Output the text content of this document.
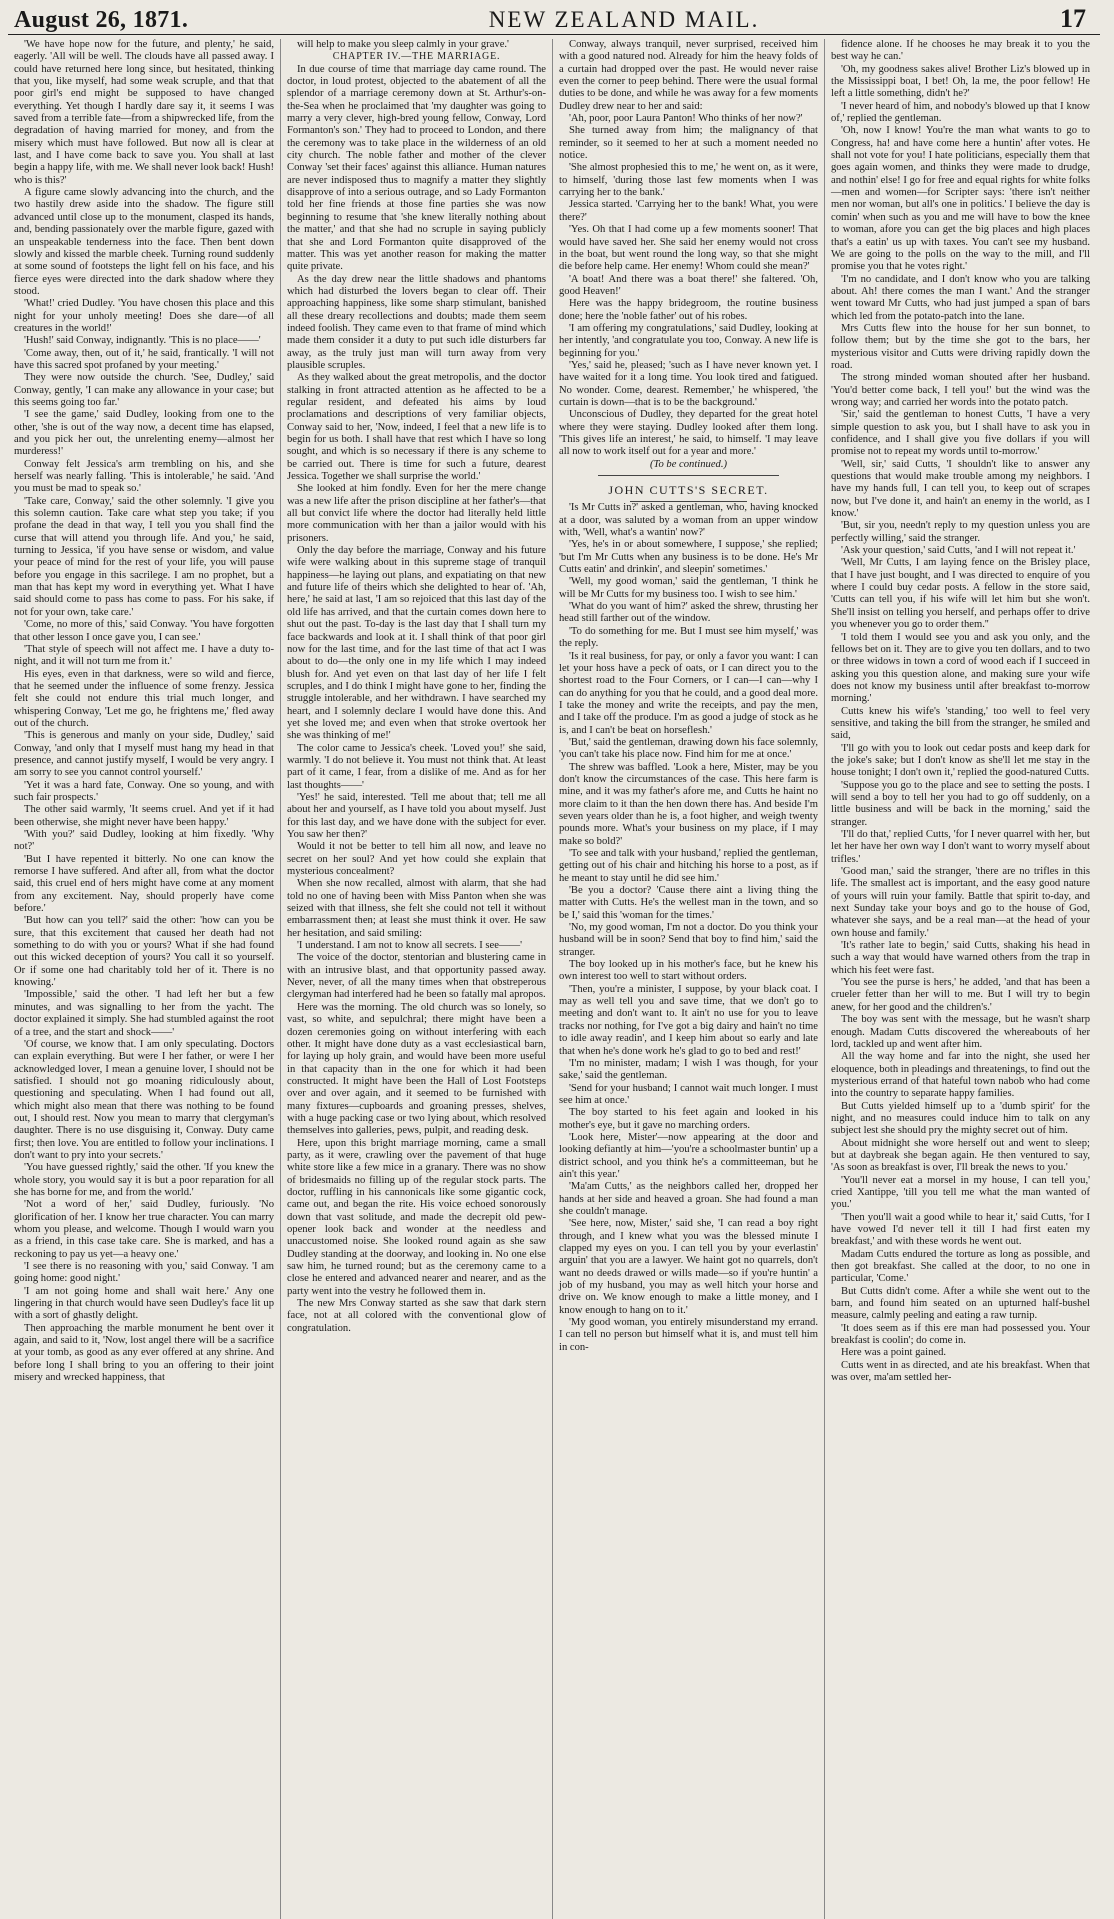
August 26, 1871.	NEW ZEALAND MAIL.	17

'We have hope now for the future, and plenty,' he said, eagerly. 'All will be well. The clouds have all passed away. I could have returned here long since, but hesitated, thinking that you, like myself, had some weak scruple, and that that poor girl's end might be supposed to have changed everything. Yet though I hardly dare say it, it seems I was saved from a terrible fate—from a shipwrecked life, from the degradation of having married for money, and from the misery which must have followed. But now all is clear at last, and I have come back to save you. You shall at last begin a happy life, with me. We shall never look back! Hush! who is this?'

A figure came slowly advancing into the church, and the two hastily drew aside into the shadow. The figure still advanced until close up to the monument, clasped its hands, and, bending passionately over the marble figure, gazed with an unspeakable tenderness into the face. Then bent down slowly and kissed the marble cheek. Turning round suddenly at some sound of footsteps the light fell on his face, and his fierce eyes were directed into the dark shadow where they stood.

'What!' cried Dudley. 'You have chosen this place and this night for your unholy meeting! Does she dare—of all creatures in the world!'

'Hush!' said Conway, indignantly. 'This is no place——'

'Come away, then, out of it,' he said, frantically. 'I will not have this sacred spot profaned by your meeting.'

They were now outside the church. 'See, Dudley,' said Conway, gently, 'I can make any allowance in your case; but this seems going too far.'

'I see the game,' said Dudley, looking from one to the other, 'she is out of the way now, a decent time has elapsed, and you pick her out, the unrelenting enemy—almost her murderess!'

Conway felt Jessica's arm trembling on his, and she herself was nearly falling. 'This is intolerable,' he said. 'And you must be mad to speak so.'

'Take care, Conway,' said the other solemnly. 'I give you this solemn caution. Take care what step you take; if you profane the dead in that way, I tell you you shall find the curse that will attend you through life. And you,' he said, turning to Jessica, 'if you have sense or wisdom, and value your peace of mind for the rest of your life, you will pause before you engage in this sacrilege. I am no prophet, but a man that has kept my word in everything yet. What I have said should come to pass has come to pass. For his sake, if not for your own, take care.'

'Come, no more of this,' said Conway. 'You have forgotten that other lesson I once gave you, I can see.'

'That style of speech will not affect me. I have a duty to-night, and it will not turn me from it.'

His eyes, even in that darkness, were so wild and fierce, that he seemed under the influence of some frenzy. Jessica felt she could not endure this trial much longer, and whispering Conway, 'Let me go, he frightens me,' fled away out of the church.

'This is generous and manly on your side, Dudley,' said Conway, 'and only that I myself must hang my head in that presence, and cannot justify myself, I would be very angry. I am sorry to see you cannot control yourself.'

'Yet it was a hard fate, Conway. One so young, and with such fair prospects.'

The other said warmly, 'It seems cruel. And yet if it had been otherwise, she might never have been happy.'

'With you?' said Dudley, looking at him fixedly. 'Why not?'

'But I have repented it bitterly. No one can know the remorse I have suffered. And after all, from what the doctor said, this cruel end of hers might have come at any moment from any excitement. Nay, should properly have come before.'

'But how can you tell?' said the other: 'how can you be sure, that this excitement that caused her death had not something to do with you or yours? What if she had found out this wicked deception of yours? You call it so yourself. Or if some one had charitably told her of it. There is no knowing.'

'Impossible,' said the other. 'I had left her but a few minutes, and was signalling to her from the yacht. The doctor explained it simply. She had stumbled against the root of a tree, and the start and shock——'

'Of course, we know that. I am only speculating. Doctors can explain everything. But were I her father, or were I her acknowledged lover, I mean a genuine lover, I should not be satisfied. I should not go moaning ridiculously about, questioning and speculating. When I had found out all, which might also mean that there was nothing to be found out, I should rest. Now you mean to marry that clergyman's daughter. There is no use disguising it, Conway. Duty came first; then love. You are entitled to follow your inclinations. I don't want to pry into your secrets.'

'You have guessed rightly,' said the other. 'If you knew the whole story, you would say it is but a poor reparation for all she has borne for me, and from the world.'

'Not a word of her,' said Dudley, furiously. 'No glorification of her. I know her true character. You can marry whom you please, and welcome. Though I would warn you as a friend, in this case take care. She is marked, and has a reckoning to pay us yet—a heavy one.'

'I see there is no reasoning with you,' said Conway. 'I am going home: good night.'

'I am not going home and shall wait here.' Any one lingering in that church would have seen Dudley's face lit up with a sort of ghastly delight.

Then approaching the marble monument he bent over it again, and said to it, 'Now, lost angel there will be a sacrifice at your tomb, as good as any ever offered at any shrine. And before long I shall bring to you an offering to their joint misery and wrecked happiness, that

will help to make you sleep calmly in your grave.'

CHAPTER IV.—THE MARRIAGE.

In due course of time that marriage day came round. The doctor, in loud protest, objected to the abatement of all the splendor of a marriage ceremony down at St. Arthur's-on-the-Sea when he proclaimed that 'my daughter was going to marry a very clever, high-bred young fellow, Conway, Lord Formanton's son.' They had to proceed to London, and there the ceremony was to take place in the wilderness of an old city church. The noble father and mother of the clever Conway 'set their faces' against this alliance. Human natures are never indisposed thus to magnify a matter they slightly disapprove of into a serious outrage, and so Lady Formanton told her fine friends at those fine parties she was now beginning to resume that 'she knew literally nothing about the matter,' and that she had no scruple in saying publicly that she and Lord Formanton quite disapproved of the matter. This was yet another reason for making the matter quite private.

As the day drew near the little shadows and phantoms which had disturbed the lovers began to clear off. Their approaching happiness, like some sharp stimulant, banished all these dreary recollections and doubts; made them seem indeed foolish. They came even to that frame of mind which made them consider it a duty to put such idle disturbers far away, as the truly just man will turn away from very plausible scruples.

As they walked about the great metropolis, and the doctor stalking in front attracted attention as he affected to be a regular resident, and defeated his aims by loud proclamations and descriptions of very familiar objects, Conway said to her, 'Now, indeed, I feel that a new life is to begin for us both. I shall have that rest which I have so long sought, and which is so necessary if there is any scheme to be carried out. There is time for such a future, dearest Jessica. Together we shall surprise the world.'

She looked at him fondly. Even for her the mere change was a new life after the prison discipline at her father's—that all but convict life where the doctor had literally held little more communication with her than a jailor would with his prisoners.

Only the day before the marriage, Conway and his future wife were walking about in this supreme stage of tranquil happiness—he laying out plans, and expatiating on that new and future life of theirs which she delighted to hear of. 'Ah, here,' he said at last, 'I am so rejoiced that this last day of the old life has arrived, and that the curtain comes down here to shut out the past. To-day is the last day that I shall turn my face backwards and look at it. I shall think of that poor girl now for the last time, and for the last time of that act I was about to do—the only one in my life which I may indeed blush for. And yet even on that last day of her life I felt scruples, and I do think I might have gone to her, finding the struggle intolerable, and her withdrawn. I have searched my heart, and I solemnly declare I would have done this. And yet she loved me; and even when that stroke overtook her she was thinking of me!'

The color came to Jessica's cheek. 'Loved you!' she said, warmly. 'I do not believe it. You must not think that. At least part of it came, I fear, from a dislike of me. And as for her last thoughts——'

'Yes!' he said, interested. 'Tell me about that; tell me all about her and yourself, as I have told you about myself. Just for this last day, and we have done with the subject for ever. You saw her then?'

Would it not be better to tell him all now, and leave no secret on her soul? And yet how could she explain that mysterious concealment?

When she now recalled, almost with alarm, that she had told no one of having been with Miss Panton when she was seized with that illness, she felt she could not tell it without embarrassment then; at least she must think it over. He saw her hesitation, and said smiling:

'I understand. I am not to know all secrets. I see——'

The voice of the doctor, stentorian and blustering came in with an intrusive blast, and that opportunity passed away. Never, never, of all the many times when that obstreperous clergyman had interfered had he been so fatally mal apropos.

Here was the morning. The old church was so lonely, so vast, so white, and sepulchral; there might have been a dozen ceremonies going on without interfering with each other. It might have done duty as a vast ecclesiastical barn, for laying up holy grain, and would have been more useful in that capacity than in the one for which it had been constructed. It might have been the Hall of Lost Footsteps over and over again, and it seemed to be furnished with many fixtures—cupboards and groaning presses, shelves, with a huge packing case or two lying about, which resolved themselves into galleries, pews, pulpit, and reading desk.

Here, upon this bright marriage morning, came a small party, as it were, crawling over the pavement of that huge white store like a few mice in a granary. There was no show of bridesmaids no filling up of the regular stock parts. The doctor, ruffling in his cannonicals like some gigantic cock, came out, and began the rite. His voice echoed sonorously down that vast solitude, and made the decrepit old pew-opener look back and wonder at the needless and unaccustomed noise. She looked round again as she saw Dudley standing at the doorway, and looking in. No one else saw him, he turned round; but as the ceremony came to a close he entered and advanced nearer and nearer, and as the party went into the vestry he followed them in.

The new Mrs Conway started as she saw that dark stern face, not at all colored with the conventional glow of congratulation.

Conway, always tranquil, never surprised, received him with a good natured nod. Already for him the heavy folds of a curtain had dropped over the past. He would never raise even the corner to peep behind. There were the usual formal duties to be done, and while he was away for a few moments Dudley drew near to her and said:

'Ah, poor, poor Laura Panton! Who thinks of her now?'

She turned away from him; the malignancy of that reminder, so it seemed to her at such a moment needed no notice.

'She almost prophesied this to me,' he went on, as it were, to himself, 'during those last few moments when I was carrying her to the bank.'

Jessica started. 'Carrying her to the bank! What, you were there?'

'Yes. Oh that I had come up a few moments sooner! That would have saved her. She said her enemy would not cross in the boat, but went round the long way, so that she might die before help came. Her enemy! Whom could she mean?'

'A boat! And there was a boat there!' she faltered. 'Oh, good Heaven!'

Here was the happy bridegroom, the routine business done; here the 'noble father' out of his robes.

'I am offering my congratulations,' said Dudley, looking at her intently, 'and congratulate you too, Conway. A new life is beginning for you.'

'Yes,' said he, pleased; 'such as I have never known yet. I have waited for it a long time. You look tired and fatigued. No wonder. Come, dearest. Remember,' he whispered, 'the curtain is down—that is to be the background.'

Unconscious of Dudley, they departed for the great hotel where they were staying. Dudley looked after them long. 'This gives life an interest,' he said, to himself. 'I may leave all now to work itself out for a year and more.'

(To be continued.)

JOHN CUTTS'S SECRET.

'Is Mr Cutts in?' asked a gentleman, who, having knocked at a door, was saluted by a woman from an upper window with, 'Well, what's a wantin' now?'

'Yes, he's in or about somewhere, I suppose,' she replied; 'but I'm Mr Cutts when any business is to be done. He's Mr Cutts eatin' and drinkin', and sleepin' sometimes.'

'Well, my good woman,' said the gentleman, 'I think he will be Mr Cutts for my business too. I wish to see him.'

'What do you want of him?' asked the shrew, thrusting her head still farther out of the window.

'To do something for me. But I must see him myself,' was the reply.

'Is it real business, for pay, or only a favor you want: I can let your hoss have a peck of oats, or I can direct you to the shortest road to the Four Corners, or I can—I can—why I can do anything for you that he could, and a good deal more. I take the money and write the receipts, and pay the men, and I take off the produce. I'm as good a judge of stock as he is, and I can't be beat on horseflesh.'

'But,' said the gentleman, drawing down his face solemnly, 'you can't take his place now. Find him for me at once.'

The shrew was baffled. 'Look a here, Mister, may be you don't know the circumstances of the case. This here farm is mine, and it was my father's afore me, and Cutts he haint no more claim to it than the hen down there has. And beside I'm seven years older than he is, a foot higher, and weigh twenty pounds more. What's your business on my place, if I may make so bold?'

'To see and talk with your husband,' replied the gentleman, getting out of his chair and hitching his horse to a post, as if he meant to stay until he did see him.'

'Be you a doctor? 'Cause there aint a living thing the matter with Cutts. He's the wellest man in the town, and so be I,' said this 'woman for the times.'

'No, my good woman, I'm not a doctor. Do you think your husband will be in soon? Send that boy to find him,' said the stranger.

The boy looked up in his mother's face, but he knew his own interest too well to start without orders.

'Then, you're a minister, I suppose, by your black coat. I may as well tell you and save time, that we don't go to meeting and don't want to. It ain't no use for you to leave tracks nor nothing, for I've got a big dairy and hain't no time to idle away readin', and I keep him about so early and late that when he's done work he's glad to go to bed and rest!'

'I'm no minister, madam; I wish I was though, for your sake,' said the gentleman.

'Send for your husband; I cannot wait much longer. I must see him at once.'

The boy started to his feet again and looked in his mother's eye, but it gave no marching orders.

'Look here, Mister'—now appearing at the door and looking defiantly at him—'you're a schoolmaster buntin' up a district school, and you think he's a committeeman, but he ain't this year.'

'Ma'am Cutts,' as the neighbors called her, dropped her hands at her side and heaved a groan. She had found a man she couldn't manage.

'See here, now, Mister,' said she, 'I can read a boy right through, and I knew what you was the blessed minute I clapped my eyes on you. I can tell you by your everlastin' arguin' that you are a lawyer. We haint got no quarrels, don't want no deeds drawed or wills made—so if you're huntin' a job of my husband, you may as well hitch your horse and drive on. We know enough to make a little money, and I know enough to hang on to it.'

'My good woman, you entirely misunderstand my errand. I can tell no person but himself what it is, and must tell him in con-

fidence alone. If he chooses he may break it to you the best way he can.'

'Oh, my goodness sakes alive! Brother Liz's blowed up in the Mississippi boat, I bet! Oh, la me, the poor fellow! He left a little something, didn't he?'

'I never heard of him, and nobody's blowed up that I know of,' replied the gentleman.

'Oh, now I know! You're the man what wants to go to Congress, ha! and have come here a huntin' after votes. He shall not vote for you! I hate politicians, especially them that goes again women, and thinks they were made to drudge, and nothin' else! I go for free and equal rights for white folks—men and women—for Scripter says: 'there isn't neither men nor woman, but all's one in politics.' I believe the day is comin' when such as you and me will have to bow the knee to woman, afore you can get the big places and high places that's a eatin' us up with taxes. You can't see my husband. We are going to the polls on the way to the mill, and I'll promise you that he votes right.'

'I'm no candidate, and I don't know who you are talking about. Ah! there comes the man I want.' And the stranger went toward Mr Cutts, who had just jumped a span of bars which led from the potato-patch into the lane.

Mrs Cutts flew into the house for her sun bonnet, to follow them; but by the time she got to the bars, her mysterious visitor and Cutts were driving rapidly down the road.

The strong minded woman shouted after her husband. 'You'd better come back, I tell you!' but the wind was the wrong way; and carried her words into the potato patch.

'Sir,' said the gentleman to honest Cutts, 'I have a very simple question to ask you, but I shall have to ask you in confidence, and I shall give you five dollars if you will promise not to repeat my words until to-morrow.'

'Well, sir,' said Cutts, 'I shouldn't like to answer any questions that would make trouble among my neighbors. I have my hands full, I can tell you, to keep out of scrapes now, but I've done it, and hain't an enemy in the world, as I know.'

'But, sir you, needn't reply to my question unless you are perfectly willing,' said the stranger.

'Ask your question,' said Cutts, 'and I will not repeat it.'

'Well, Mr Cutts, I am laying fence on the Brisley place, that I have just bought, and I was directed to enquire of you where I could buy cedar posts. A fellow in the store said, 'Cutts can tell you, if his wife will let him but she won't. She'll insist on telling you herself, and perhaps offer to drive you whenever you go to order them.''

'I told them I would see you and ask you only, and the fellows bet on it. They are to give you ten dollars, and to two or three widows in town a cord of wood each if I succeed in asking you this question alone, and making sure your wife does not know my business until after breakfast to-morrow morning.'

Cutts knew his wife's 'standing,' too well to feel very sensitive, and taking the bill from the stranger, he smiled and said,

'I'll go with you to look out cedar posts and keep dark for the joke's sake; but I don't know as she'll let me stay in the house tonight; I don't own it,' replied the good-natured Cutts.

'Suppose you go to the place and see to setting the posts. I will send a boy to tell her you had to go off suddenly, on a little business and will be back in the morning,' said the stranger.

'I'll do that,' replied Cutts, 'for I never quarrel with her, but let her have her own way I don't want to worry myself about trifles.'

'Good man,' said the stranger, 'there are no trifles in this life. The smallest act is important, and the easy good nature of yours will ruin your family. Battle that spirit to-day, and next Sunday take your boys and go to the house of God, whatever she says, and be a real man—at the head of your own house and family.'

'It's rather late to begin,' said Cutts, shaking his head in such a way that would have warned others from the trap in which his feet were fast.

'You see the purse is hers,' he added, 'and that has been a crueler fetter than her will to me. But I will try to begin anew, for her good and the children's.'

The boy was sent with the message, but he wasn't sharp enough. Madam Cutts discovered the whereabouts of her lord, tackled up and went after him.

All the way home and far into the night, she used her eloquence, both in pleadings and threatenings, to find out the mysterious errand of that hateful town nabob who had come into the country to separate happy families.

But Cutts yielded himself up to a 'dumb spirit' for the night, and no measures could induce him to talk on any subject lest she should pry the mighty secret out of him.

About midnight she wore herself out and went to sleep; but at daybreak she began again. He then ventured to say, 'As soon as breakfast is over, I'll break the news to you.'

'You'll never eat a morsel in my house, I can tell you,' cried Xantippe, 'till you tell me what the man wanted of you.'

'Then you'll wait a good while to hear it,' said Cutts, 'for I have vowed I'd never tell it till I had first eaten my breakfast,' and with these words he went out.

Madam Cutts endured the torture as long as possible, and then got breakfast. She called at the door, to no one in particular, 'Come.'

But Cutts didn't come. After a while she went out to the barn, and found him seated on an upturned half-bushel measure, calmly peeling and eating a raw turnip.

'It does seem as if this ere man had possessed you. Your breakfast is coolin'; do come in.

Here was a point gained.

Cutts went in as directed, and ate his breakfast. When that was over, ma'am settled her-
